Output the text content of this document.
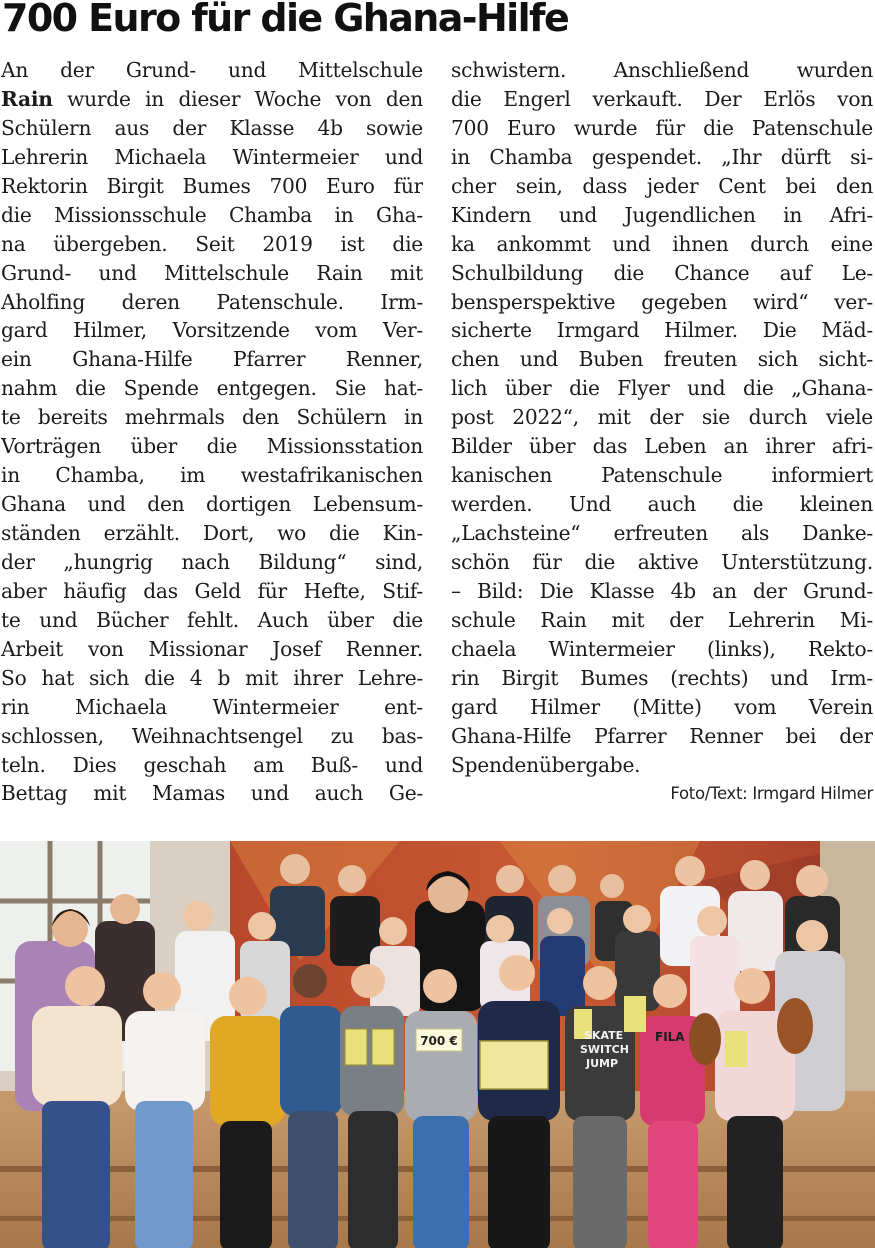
700 Euro für die Ghana-Hilfe
An der Grund- und Mittelschule
Rain wurde in dieser Woche von den
Schülern aus der Klasse 4b sowie
Lehrerin Michaela Wintermeier und
Rektorin Birgit Bumes 700 Euro für
die Missionsschule Chamba in Gha-
na übergeben. Seit 2019 ist die
Grund- und Mittelschule Rain mit
Aholfing deren Patenschule. Irm-
gard Hilmer, Vorsitzende vom Ver-
ein Ghana-Hilfe Pfarrer Renner,
nahm die Spende entgegen. Sie hat-
te bereits mehrmals den Schülern in
Vorträgen über die Missionsstation
in Chamba, im westafrikanischen
Ghana und den dortigen Lebensum-
ständen erzählt. Dort, wo die Kin-
der „hungrig nach Bildung“ sind,
aber häufig das Geld für Hefte, Stif-
te und Bücher fehlt. Auch über die
Arbeit von Missionar Josef Renner.
So hat sich die 4 b mit ihrer Lehre-
rin Michaela Wintermeier ent-
schlossen, Weihnachtsengel zu bas-
teln. Dies geschah am Buß- und
Bettag mit Mamas und auch Ge-
schwistern. Anschließend wurden
die Engerl verkauft. Der Erlös von
700 Euro wurde für die Patenschule
in Chamba gespendet. „Ihr dürft si-
cher sein, dass jeder Cent bei den
Kindern und Jugendlichen in Afri-
ka ankommt und ihnen durch eine
Schulbildung die Chance auf Le-
bensperspektive gegeben wird“ ver-
sicherte Irmgard Hilmer. Die Mäd-
chen und Buben freuten sich sicht-
lich über die Flyer und die „Ghana-
post 2022“, mit der sie durch viele
Bilder über das Leben an ihrer afri-
kanischen Patenschule informiert
werden. Und auch die kleinen
„Lachsteine“ erfreuten als Danke-
schön für die aktive Unterstützung.
– Bild: Die Klasse 4b an der Grund-
schule Rain mit der Lehrerin Mi-
chaela Wintermeier (links), Rekto-
rin Birgit Bumes (rechts) und Irm-
gard Hilmer (Mitte) vom Verein
Ghana-Hilfe Pfarrer Renner bei der
Spendenübergabe.
Foto/Text: Irmgard Hilmer
700 €	SKATE
SWITCH
JUMP
FILA
